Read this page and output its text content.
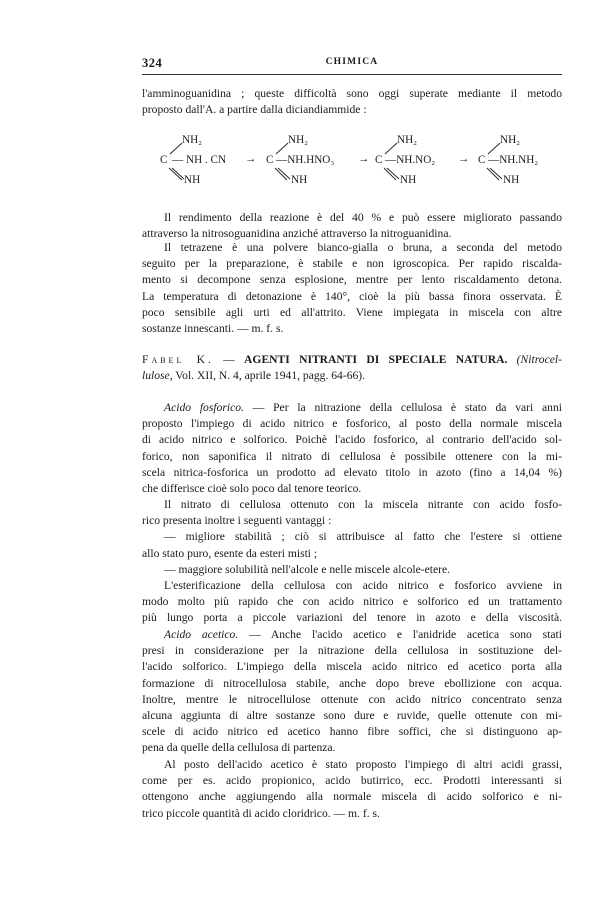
324	CHIMICA

l'amminoguanidina ; queste difficoltà sono oggi superate mediante il metodo
proposto dall'A. a partire dalla diciandiammide :

NH₂
C — NH . CN
NH
→
NH₂
C —NH.HNO₃
NH
→
NH₂
C —NH.NO₂
NH
→
NH₂
C —NH.NH₂
NH

Il rendimento della reazione è del 40 % e può essere migliorato passando
attraverso la nitrosoguanidina anziché attraverso la nitroguanidina.

Il tetrazene è una polvere bianco-gialla o bruna, a seconda del metodo
seguito per la preparazione, è stabile e non igroscopica. Per rapido riscalda-
mento si decompone senza esplosione, mentre per lento riscaldamento detona.
La temperatura di detonazione è 140°, cioè la più bassa finora osservata. È
poco sensibile agli urti ed all'attrito. Viene impiegata in miscela con altre
sostanze innescanti. — m. f. s.

Fabel K. — AGENTI NITRANTI DI SPECIALE NATURA. (Nitrocel-
lulose, Vol. XII, N. 4, aprile 1941, pagg. 64-66).

Acido fosforico. — Per la nitrazione della cellulosa è stato da vari anni
proposto l'impiego di acido nitrico e fosforico, al posto della normale miscela
di acido nitrico e solforico. Poichè l'acido fosforico, al contrario dell'acido sol-
forico, non saponifica il nitrato di cellulosa è possibile ottenere con la mi-
scela nitrica-fosforica un prodotto ad elevato titolo in azoto (fino a 14,04 %)
che differisce cioè solo poco dal tenore teorico.

Il nitrato di cellulosa ottenuto con la miscela nitrante con acido fosfo-
rico presenta inoltre i seguenti vantaggi :
— migliore stabilità ; ciò si attribuisce al fatto che l'estere si ottiene
allo stato puro, esente da esteri misti ;
— maggiore solubilità nell'alcole e nelle miscele alcole-etere.

L'esterificazione della cellulosa con acido nitrico e fosforico avviene in
modo molto più rapido che con acido nitrico e solforico ed un trattamento
più lungo porta a piccole variazioni del tenore in azoto e della viscosità.

Acido acetico. — Anche l'acido acetico e l'anidride acetica sono stati
presi in considerazione per la nitrazione della cellulosa in sostituzione del-
l'acido solforico. L'impiego della miscela acido nitrico ed acetico porta alla
formazione di nitrocellulosa stabile, anche dopo breve ebollizione con acqua.
Inoltre, mentre le nitrocellulose ottenute con acido nitrico concentrato senza
alcuna aggiunta di altre sostanze sono dure e ruvide, quelle ottenute con mi-
scele di acido nitrico ed acetico hanno fibre soffici, che si distinguono ap-
pena da quelle della cellulosa di partenza.

Al posto dell'acido acetico è stato proposto l'impiego di altri acidi grassi,
come per es. acido propionico, acido butirrico, ecc. Prodotti interessanti si
ottengono anche aggiungendo alla normale miscela di acido solforico e ni-
trico piccole quantità di acido cloridrico. — m. f. s.
